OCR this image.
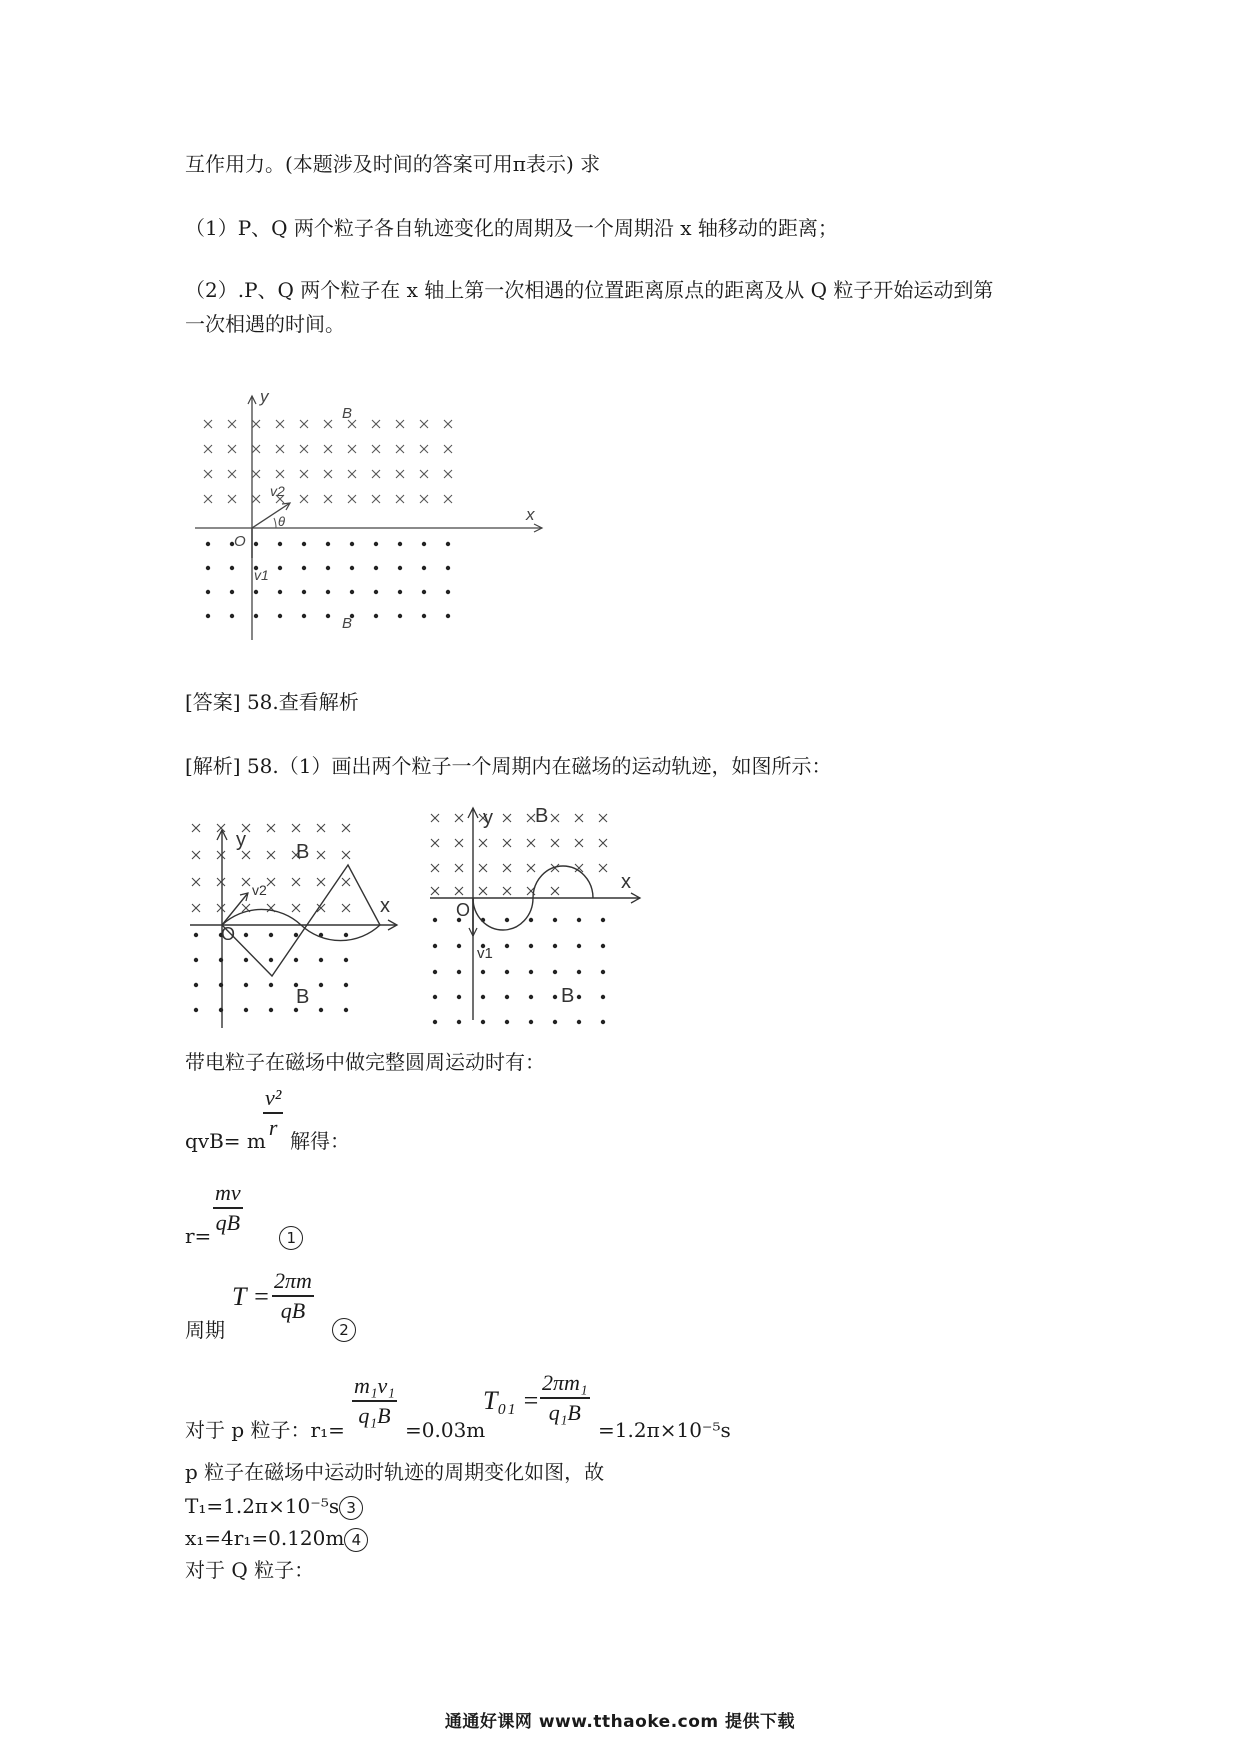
互作用力。(本题涉及时间的答案可用π表示) 求
（1）P、Q 两个粒子各自轨迹变化的周期及一个周期沿 x 轴移动的距离；
（2）.P、Q 两个粒子在 x 轴上第一次相遇的位置距离原点的距离及从 Q 粒子开始运动到第
一次相遇的时间。
y
x
B
B
O
v1
v2
θ
[答案] 58.查看解析
[解析] 58.（1）画出两个粒子一个周期内在磁场的运动轨迹，如图所示：
y
x
B
B
O
v2
y
x
B
B
O
v1
带电粒子在磁场中做完整圆周运动时有：
v²
r
qvB= m 解得：
mv
qB
r=	1
T =
2πm
qB
周期	2
m₁v₁
q₁B
T₀₁ =
2πm₁
q₁B
对于 p 粒子：r₁=	=0.03m	=1.2π×10⁻⁵s
p 粒子在磁场中运动时轨迹的周期变化如图，故
T₁=1.2π×10⁻⁵s 3
x₁=4r₁=0.120m 4
对于 Q 粒子：
通通好课网 www.tthaoke.com 提供下载
